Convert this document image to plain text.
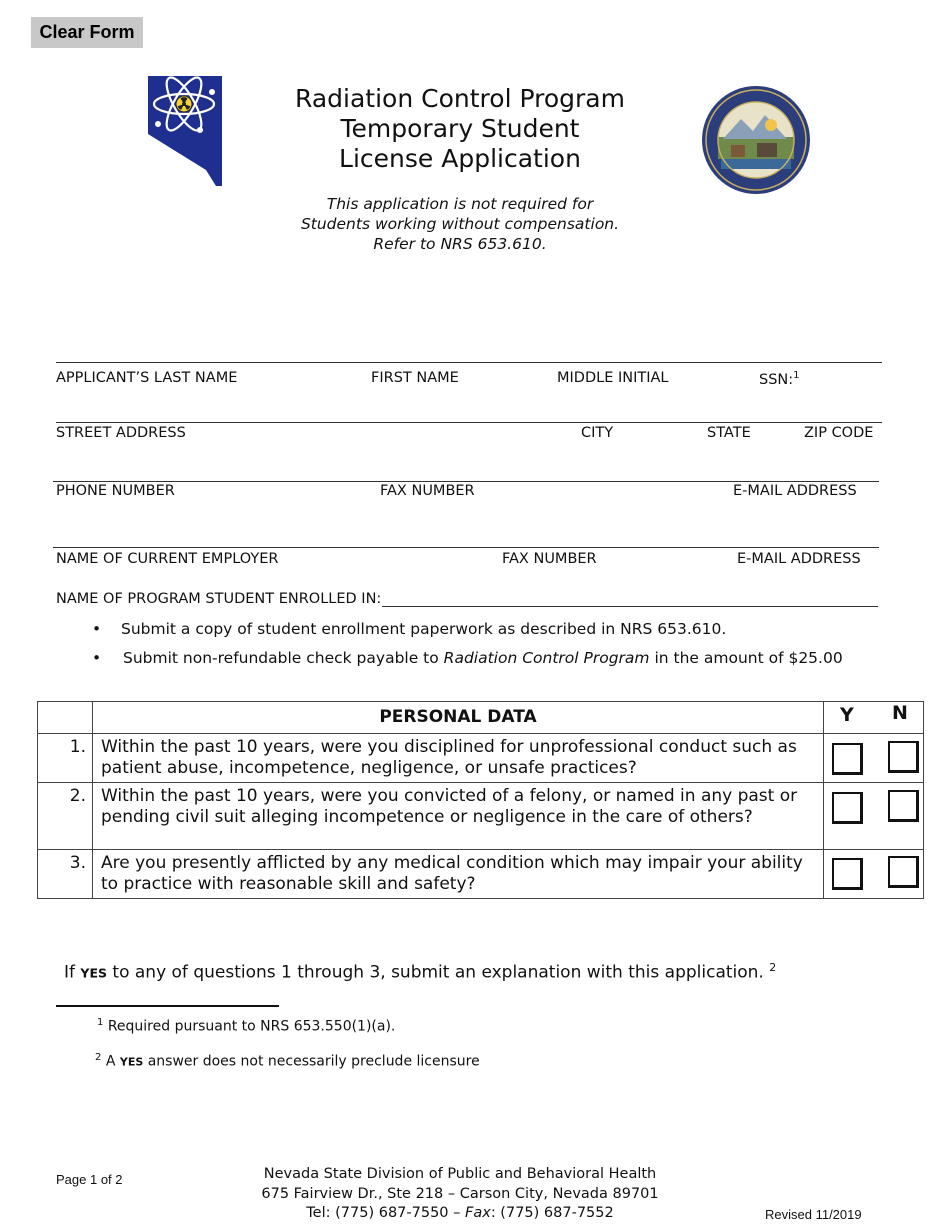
Clear Form
Radiation Control Program
Temporary Student
License Application
This application is not required for
Students working without compensation.
Refer to NRS 653.610.
APPLICANT’S LAST NAME	FIRST NAME	MIDDLE INITIAL	SSN:$^1$
STREET ADDRESS	CITY	STATE	ZIP CODE
PHONE NUMBER	FAX NUMBER	E-MAIL ADDRESS
NAME OF CURRENT EMPLOYER	FAX NUMBER	E-MAIL ADDRESS
NAME OF PROGRAM STUDENT ENROLLED IN:
• Submit a copy of student enrollment paperwork as described in NRS 653.610.
• Submit non-refundable check payable to Radiation Control Program in the amount of $25.00
	PERSONAL DATA	Y N

1.	Within the past 10 years, were you disciplined for unprofessional conduct such as patient abuse, incompetence, negligence, or unsafe practices?	

2.	Within the past 10 years, were you convicted of a felony, or named in any past or pending civil suit alleging incompetence or negligence in the care of others?	

3.	Are you presently afflicted by any medical condition which may impair your ability to practice with reasonable skill and safety?	
If YES to any of questions 1 through 3, submit an explanation with this application. $^2$
$^1$ Required pursuant to NRS 653.550(1)(a).
$^2$ A YES answer does not necessarily preclude licensure
Page 1 of 2	Nevada State Division of Public and Behavioral Health
675 Fairview Dr., Ste 218 – Carson City, Nevada 89701
Tel: (775) 687-7550 – Fax: (775) 687-7552	Revised 11/2019
